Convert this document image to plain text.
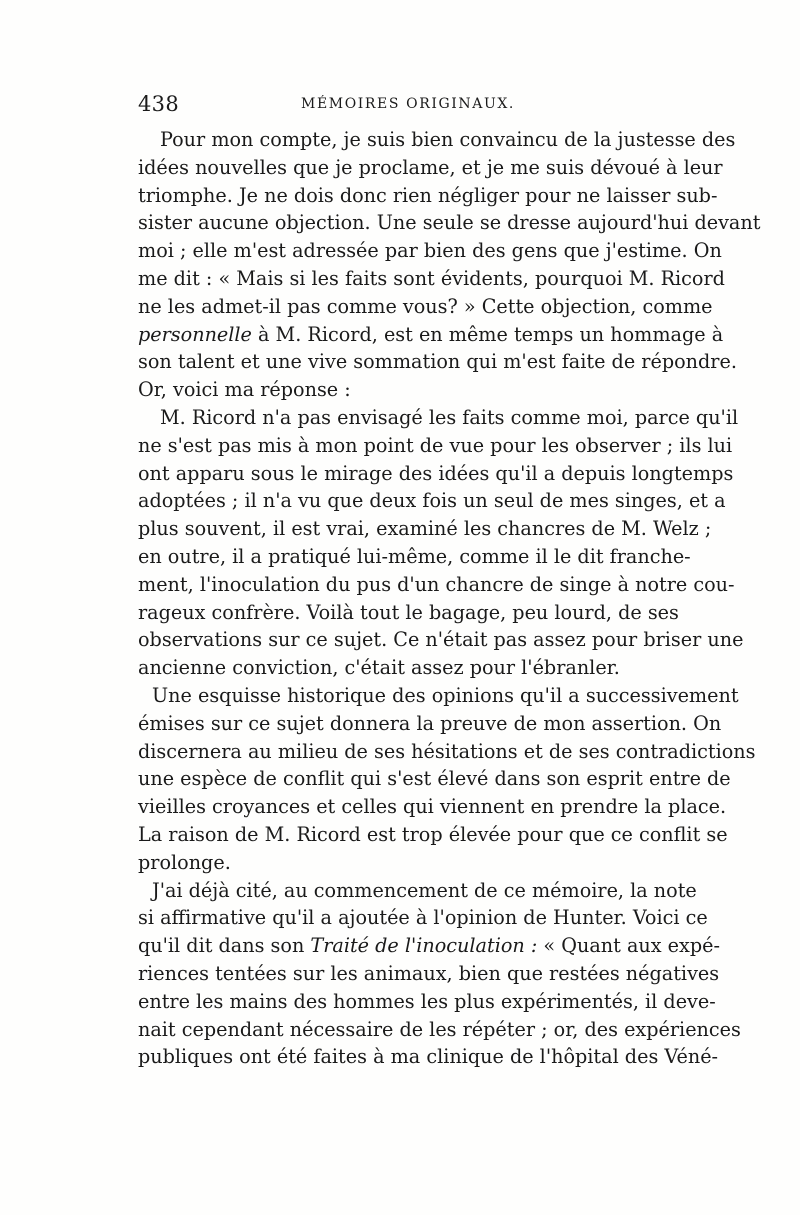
438	MÉMOIRES ORIGINAUX.
Pour mon compte, je suis bien convaincu de la justesse des
idées nouvelles que je proclame, et je me suis dévoué à leur
triomphe. Je ne dois donc rien négliger pour ne laisser sub-
sister aucune objection. Une seule se dresse aujourd'hui devant
moi ; elle m'est adressée par bien des gens que j'estime. On
me dit : « Mais si les faits sont évidents, pourquoi M. Ricord
ne les admet-il pas comme vous? » Cette objection, comme
personnelle à M. Ricord, est en même temps un hommage à
son talent et une vive sommation qui m'est faite de répondre.
Or, voici ma réponse :
M. Ricord n'a pas envisagé les faits comme moi, parce qu'il
ne s'est pas mis à mon point de vue pour les observer ; ils lui
ont apparu sous le mirage des idées qu'il a depuis longtemps
adoptées ; il n'a vu que deux fois un seul de mes singes, et a
plus souvent, il est vrai, examiné les chancres de M. Welz ;
en outre, il a pratiqué lui-même, comme il le dit franche-
ment, l'inoculation du pus d'un chancre de singe à notre cou-
rageux confrère. Voilà tout le bagage, peu lourd, de ses
observations sur ce sujet. Ce n'était pas assez pour briser une
ancienne conviction, c'était assez pour l'ébranler.
Une esquisse historique des opinions qu'il a successivement
émises sur ce sujet donnera la preuve de mon assertion. On
discernera au milieu de ses hésitations et de ses contradictions
une espèce de conflit qui s'est élevé dans son esprit entre de
vieilles croyances et celles qui viennent en prendre la place.
La raison de M. Ricord est trop élevée pour que ce conflit se
prolonge.
J'ai déjà cité, au commencement de ce mémoire, la note
si affirmative qu'il a ajoutée à l'opinion de Hunter. Voici ce
qu'il dit dans son Traité de l'inoculation : « Quant aux expé-
riences tentées sur les animaux, bien que restées négatives
entre les mains des hommes les plus expérimentés, il deve-
nait cependant nécessaire de les répéter ; or, des expériences
publiques ont été faites à ma clinique de l'hôpital des Véné-
